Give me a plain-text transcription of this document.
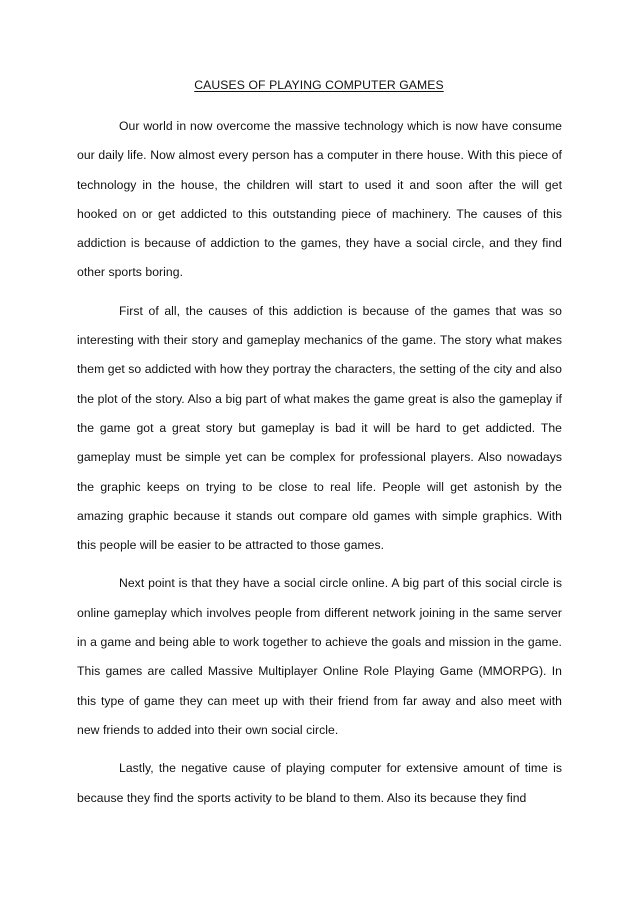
CAUSES OF PLAYING COMPUTER GAMES

Our world in now overcome the massive technology which is now have consume our daily life. Now almost every person has a computer in there house. With this piece of technology in the house, the children will start to used it and soon after the will get hooked on or get addicted to this outstanding piece of machinery. The causes of this addiction is because of addiction to the games, they have a social circle, and they find other sports boring.

First of all, the causes of this addiction is because of the games that was so interesting with their story and gameplay mechanics of the game. The story what makes them get so addicted with how they portray the characters, the setting of the city and also the plot of the story. Also a big part of what makes the game great is also the gameplay if the game got a great story but gameplay is bad it will be hard to get addicted. The gameplay must be simple yet can be complex for professional players. Also nowadays the graphic keeps on trying to be close to real life. People will get astonish by the amazing graphic because it stands out compare old games with simple graphics. With this people will be easier to be attracted to those games.

Next point is that they have a social circle online. A big part of this social circle is online gameplay which involves people from different network joining in the same server in a game and being able to work together to achieve the goals and mission in the game. This games are called Massive Multiplayer Online Role Playing Game (MMORPG). In this type of game they can meet up with their friend from far away and also meet with new friends to added into their own social circle.

Lastly, the negative cause of playing computer for extensive amount of time is because they find the sports activity to be bland to them. Also its because they find
